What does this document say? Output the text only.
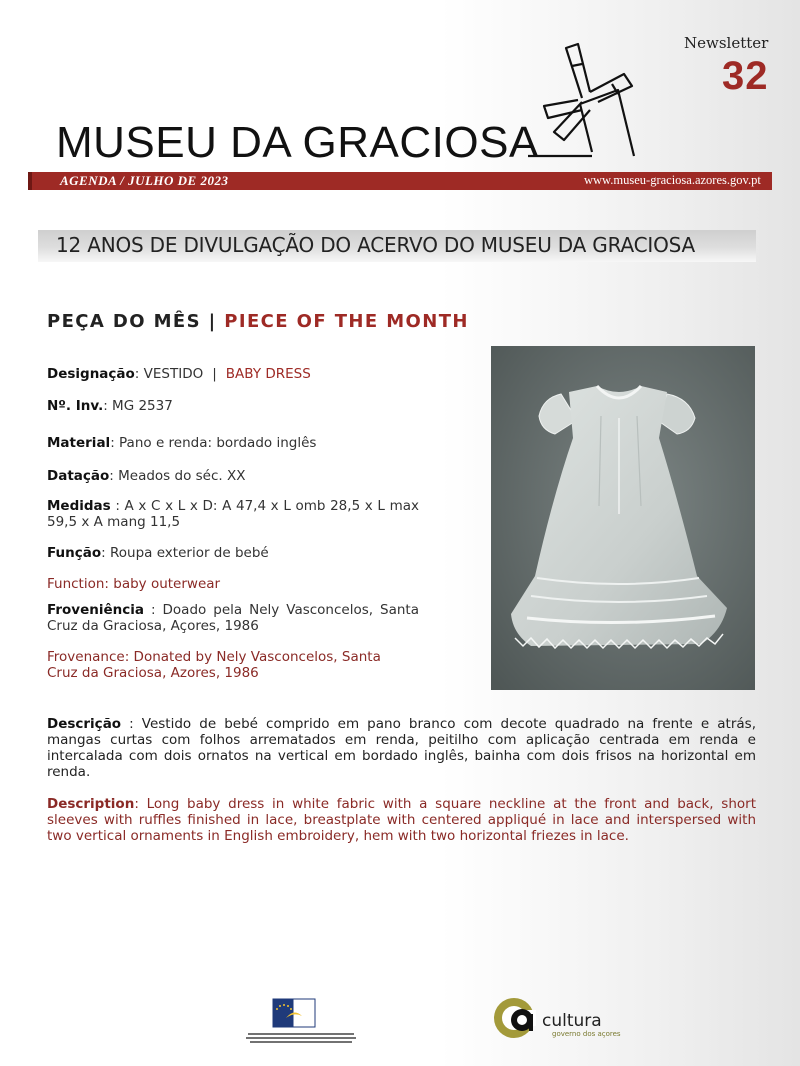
Newsletter
32
MUSEU DA GRACIOSA
AGENDA / JULHO DE 2023	www.museu-graciosa.azores.gov.pt
12 ANOS DE DIVULGAÇÃO DO ACERVO DO MUSEU DA GRACIOSA
PEÇA DO MÊS | PIECE OF THE MONTH
Designação: VESTIDO | BABY DRESS
Nº. Inv.: MG 2537
Material: Pano e renda: bordado inglês
Datação: Meados do séc. XX
Medidas : A x C x L x D: A 47,4 x L omb 28,5 x L max 59,5 x A mang 11,5
Função: Roupa exterior de bebé
Function: baby outerwear
Froveniência : Doado pela Nely Vasconcelos, Santa Cruz da Graciosa, Açores, 1986
Frovenance: Donated by Nely Vasconcelos, Santa Cruz da Graciosa, Azores, 1986
Descrição : Vestido de bebé comprido em pano branco com decote quadrado na frente e atrás, mangas curtas com folhos arrematados em renda, peitilho com aplicação centrada em renda e intercalada com dois ornatos na vertical em bordado inglês, bainha com dois frisos na horizontal em renda.
Description: Long baby dress in white fabric with a square neckline at the front and back, short sleeves with ruffles finished in lace, breastplate with centered appliqué in lace and interspersed with two vertical ornaments in English embroidery, hem with two horizontal friezes in lace.
cultura
governo dos açores
